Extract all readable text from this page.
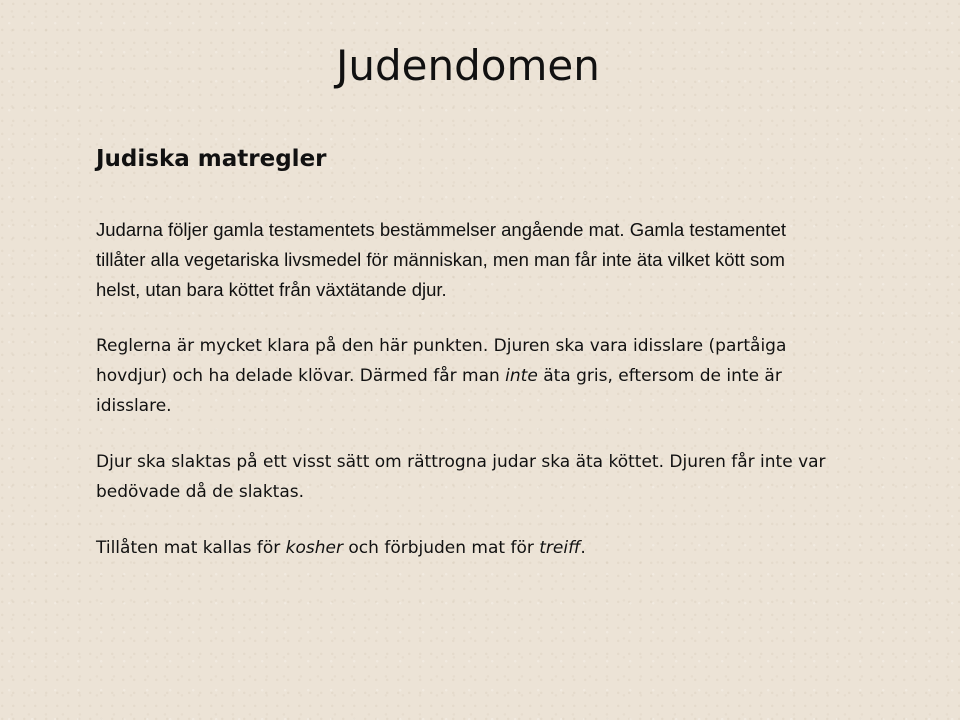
Judendomen
Judiska matregler

Judarna följer gamla testamentets bestämmelser angående mat. Gamla testamentet tillåter alla vegetariska livsmedel för människan, men man får inte äta vilket kött som helst, utan bara köttet från växtätande djur.

Reglerna är mycket klara på den här punkten. Djuren ska vara idisslare (partåiga hovdjur) och ha delade klövar. Därmed får man inte äta gris, eftersom de inte är idisslare.

Djur ska slaktas på ett visst sätt om rättrogna judar ska äta köttet. Djuren får inte var bedövade då de slaktas.

Tillåten mat kallas för kosher och förbjuden mat för treiff.
